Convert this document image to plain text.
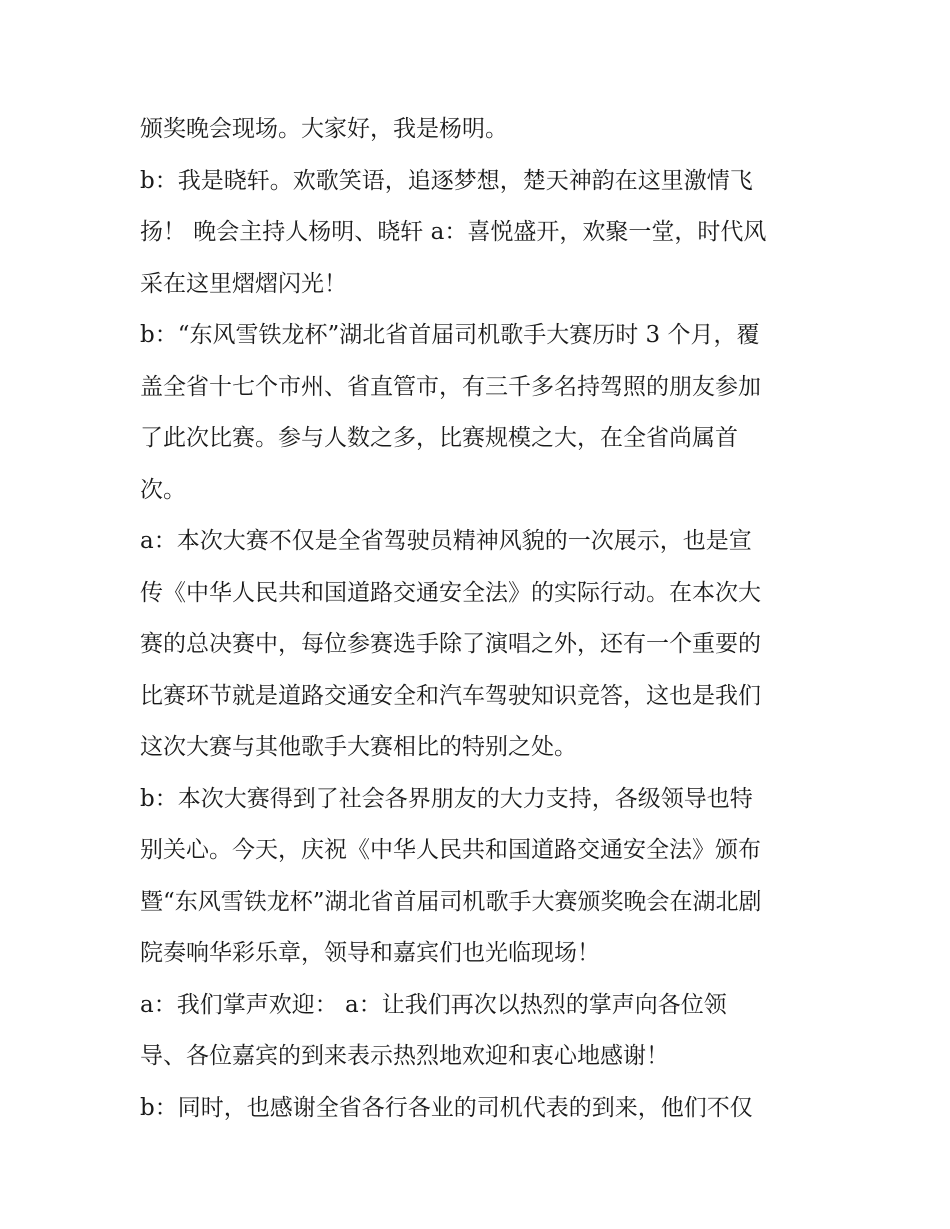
颁奖晚会现场。大家好，我是杨明。
b：我是晓轩。欢歌笑语，追逐梦想，楚天神韵在这里激情飞
扬！ 晚会主持人杨明、晓轩 a：喜悦盛开，欢聚一堂，时代风
采在这里熠熠闪光！
b：“东风雪铁龙杯”湖北省首届司机歌手大赛历时 3 个月，覆
盖全省十七个市州、省直管市，有三千多名持驾照的朋友参加
了此次比赛。参与人数之多，比赛规模之大，在全省尚属首
次。
a：本次大赛不仅是全省驾驶员精神风貌的一次展示，也是宣
传《中华人民共和国道路交通安全法》的实际行动。在本次大
赛的总决赛中，每位参赛选手除了演唱之外，还有一个重要的
比赛环节就是道路交通安全和汽车驾驶知识竞答，这也是我们
这次大赛与其他歌手大赛相比的特别之处。
b：本次大赛得到了社会各界朋友的大力支持，各级领导也特
别关心。今天，庆祝《中华人民共和国道路交通安全法》颁布
暨“东风雪铁龙杯”湖北省首届司机歌手大赛颁奖晚会在湖北剧
院奏响华彩乐章，领导和嘉宾们也光临现场！
a：我们掌声欢迎： a：让我们再次以热烈的掌声向各位领
导、各位嘉宾的到来表示热烈地欢迎和衷心地感谢！
b：同时，也感谢全省各行各业的司机代表的到来，他们不仅
